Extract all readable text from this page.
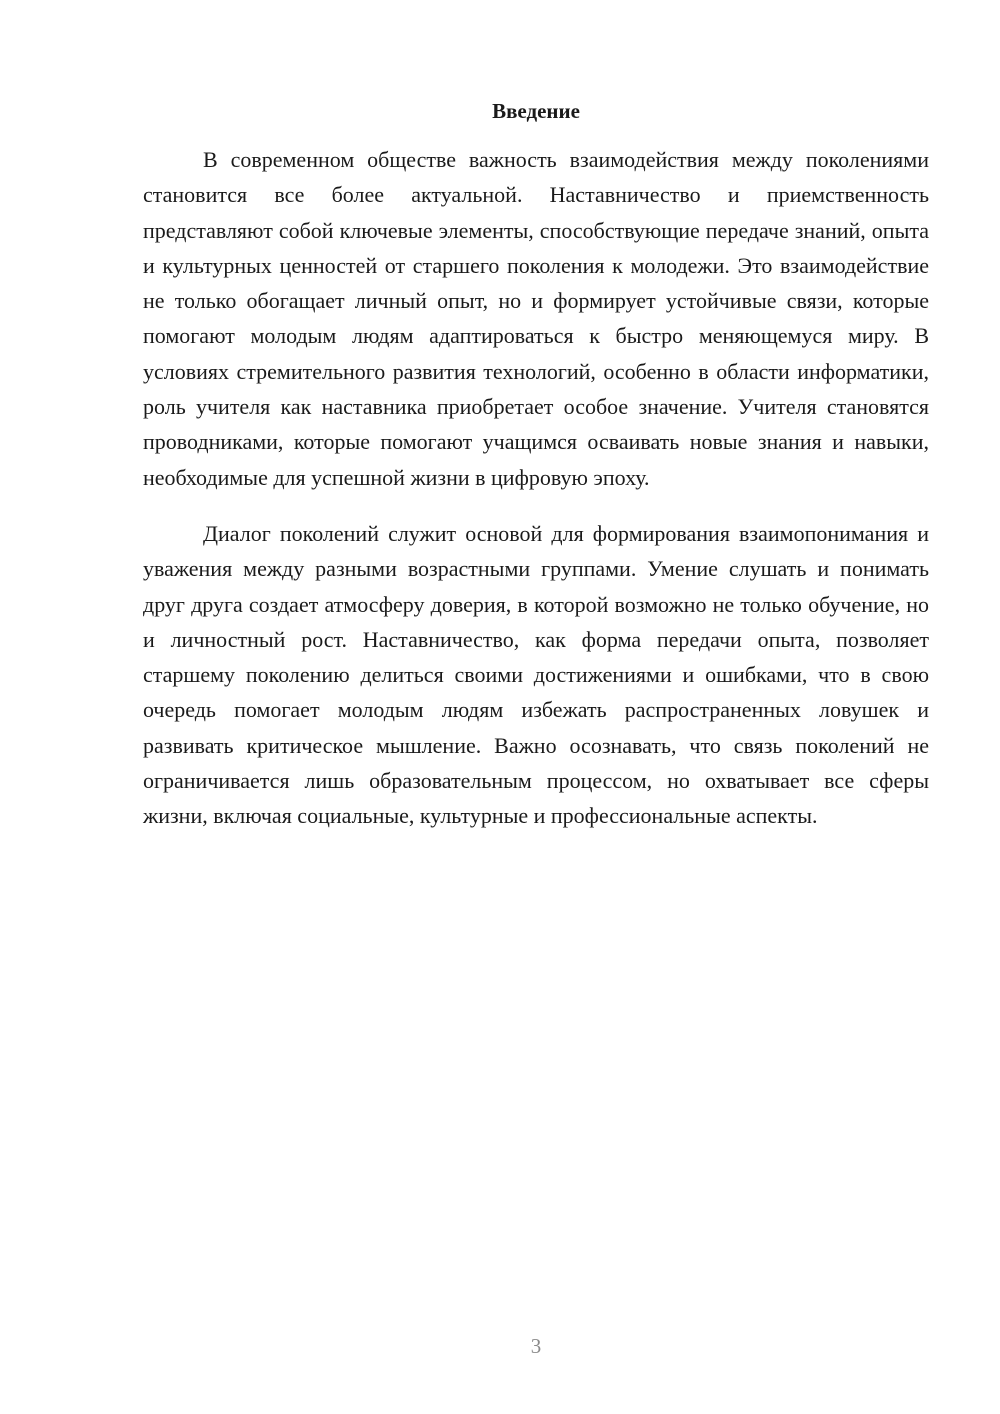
Введение

В современном обществе важность взаимодействия между поколениями становится все более актуальной. Наставничество и приемственность представляют собой ключевые элементы, способствующие передаче знаний, опыта и культурных ценностей от старшего поколения к молодежи. Это взаимодействие не только обогащает личный опыт, но и формирует устойчивые связи, которые помогают молодым людям адаптироваться к быстро меняющемуся миру. В условиях стремительного развития технологий, особенно в области информатики, роль учителя как наставника приобретает особое значение. Учителя становятся проводниками, которые помогают учащимся осваивать новые знания и навыки, необходимые для успешной жизни в цифровую эпоху.

Диалог поколений служит основой для формирования взаимопонимания и уважения между разными возрастными группами. Умение слушать и понимать друг друга создает атмосферу доверия, в которой возможно не только обучение, но и личностный рост. Наставничество, как форма передачи опыта, позволяет старшему поколению делиться своими достижениями и ошибками, что в свою очередь помогает молодым людям избежать распространенных ловушек и развивать критическое мышление. Важно осознавать, что связь поколений не ограничивается лишь образовательным процессом, но охватывает все сферы жизни, включая социальные, культурные и профессиональные аспекты.

3
